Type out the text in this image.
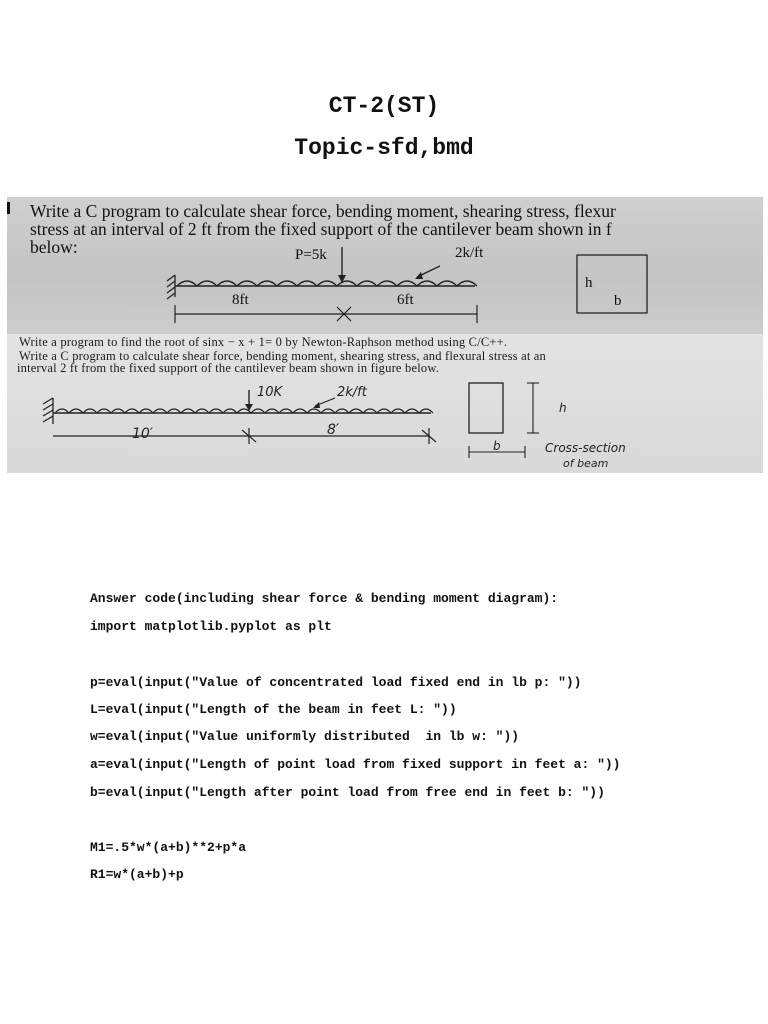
CT-2(ST)
Topic-sfd,bmd
Write a C program to calculate shear force, bending moment, shearing stress, flexur
stress at an interval of 2 ft from the fixed support of the cantilever beam shown in f
below:	P=5k	2k/ft
8ft	6ft
h
b
Write a program to find the root of sinx − x + 1= 0 by Newton-Raphson method using C/C++.
Write a C program to calculate shear force, bending moment, shearing stress, and flexural stress at an
interval 2 ft from the fixed support of the cantilever beam shown in figure below.
10K	2k/ft
10′	8′
h
b	Cross-section
of beam
Answer code(including shear force & bending moment diagram):
import matplotlib.pyplot as plt
p=eval(input("Value of concentrated load fixed end in lb p: "))
L=eval(input("Length of the beam in feet L: "))
w=eval(input("Value uniformly distributed  in lb w: "))
a=eval(input("Length of point load from fixed support in feet a: "))
b=eval(input("Length after point load from free end in feet b: "))
M1=.5*w*(a+b)**2+p*a
R1=w*(a+b)+p
